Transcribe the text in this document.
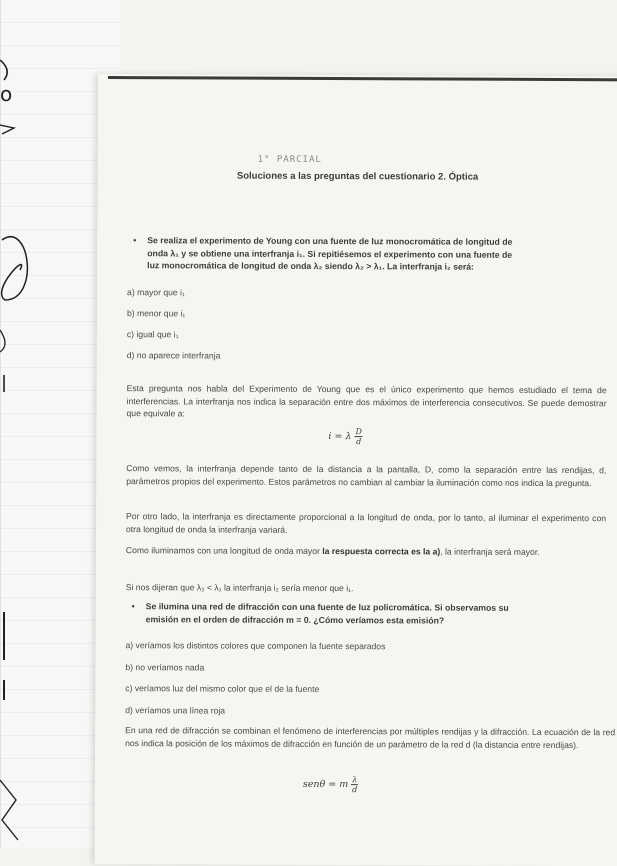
o
1° PARCIAL
Soluciones a las preguntas del cuestionario 2. Óptica
• Se realiza el experimento de Young con una fuente de luz monocromática de longitud de
onda λ₁ y se obtiene una interfranja i₁. Si repitiésemos el experimento con una fuente de
luz monocromática de longitud de onda λ₂ siendo λ₂ > λ₁. La interfranja i₂ será:
a) mayor que i₁
b) menor que i₁
c) igual que i₁
d) no aparece interfranja
Esta pregunta nos habla del Experimento de Young que es el único experimento que hemos estudiado el tema de interferencias. La interfranja nos indica la separación entre dos máximos de interferencia consecutivos. Se puede demostrar que equivale a:
i = λ $\frac{D}{d}$
Como vemos, la interfranja depende tanto de la distancia a la pantalla, D, como la separación entre las rendijas, d, parámetros propios del experimento. Estos parámetros no cambian al cambiar la iluminación como nos indica la pregunta.
Por otro lado, la interfranja es directamente proporcional a la longitud de onda, por lo tanto, al iluminar el experimento con otra longitud de onda la interfranja variará.
Como iluminamos con una longitud de onda mayor la respuesta correcta es la a), la interfranja será mayor.
Si nos dijeran que λ₂ < λ₁ la interfranja i₂ sería menor que i₁.
• Se ilumina una red de difracción con una fuente de luz policromática. Si observamos su
emisión en el orden de difracción m = 0. ¿Cómo veríamos esta emisión?
a) veríamos los distintos colores que componen la fuente separados
b) no veríamos nada
c) veríamos luz del mismo color que el de la fuente
d) veríamos una línea roja
En una red de difracción se combinan el fenómeno de interferencias por múltiples rendijas y la difracción. La ecuación de la red nos indica la posición de los máximos de difracción en función de un parámetro de la red d (la distancia entre rendijas).
senθ = m $\frac{\lambda}{d}$
